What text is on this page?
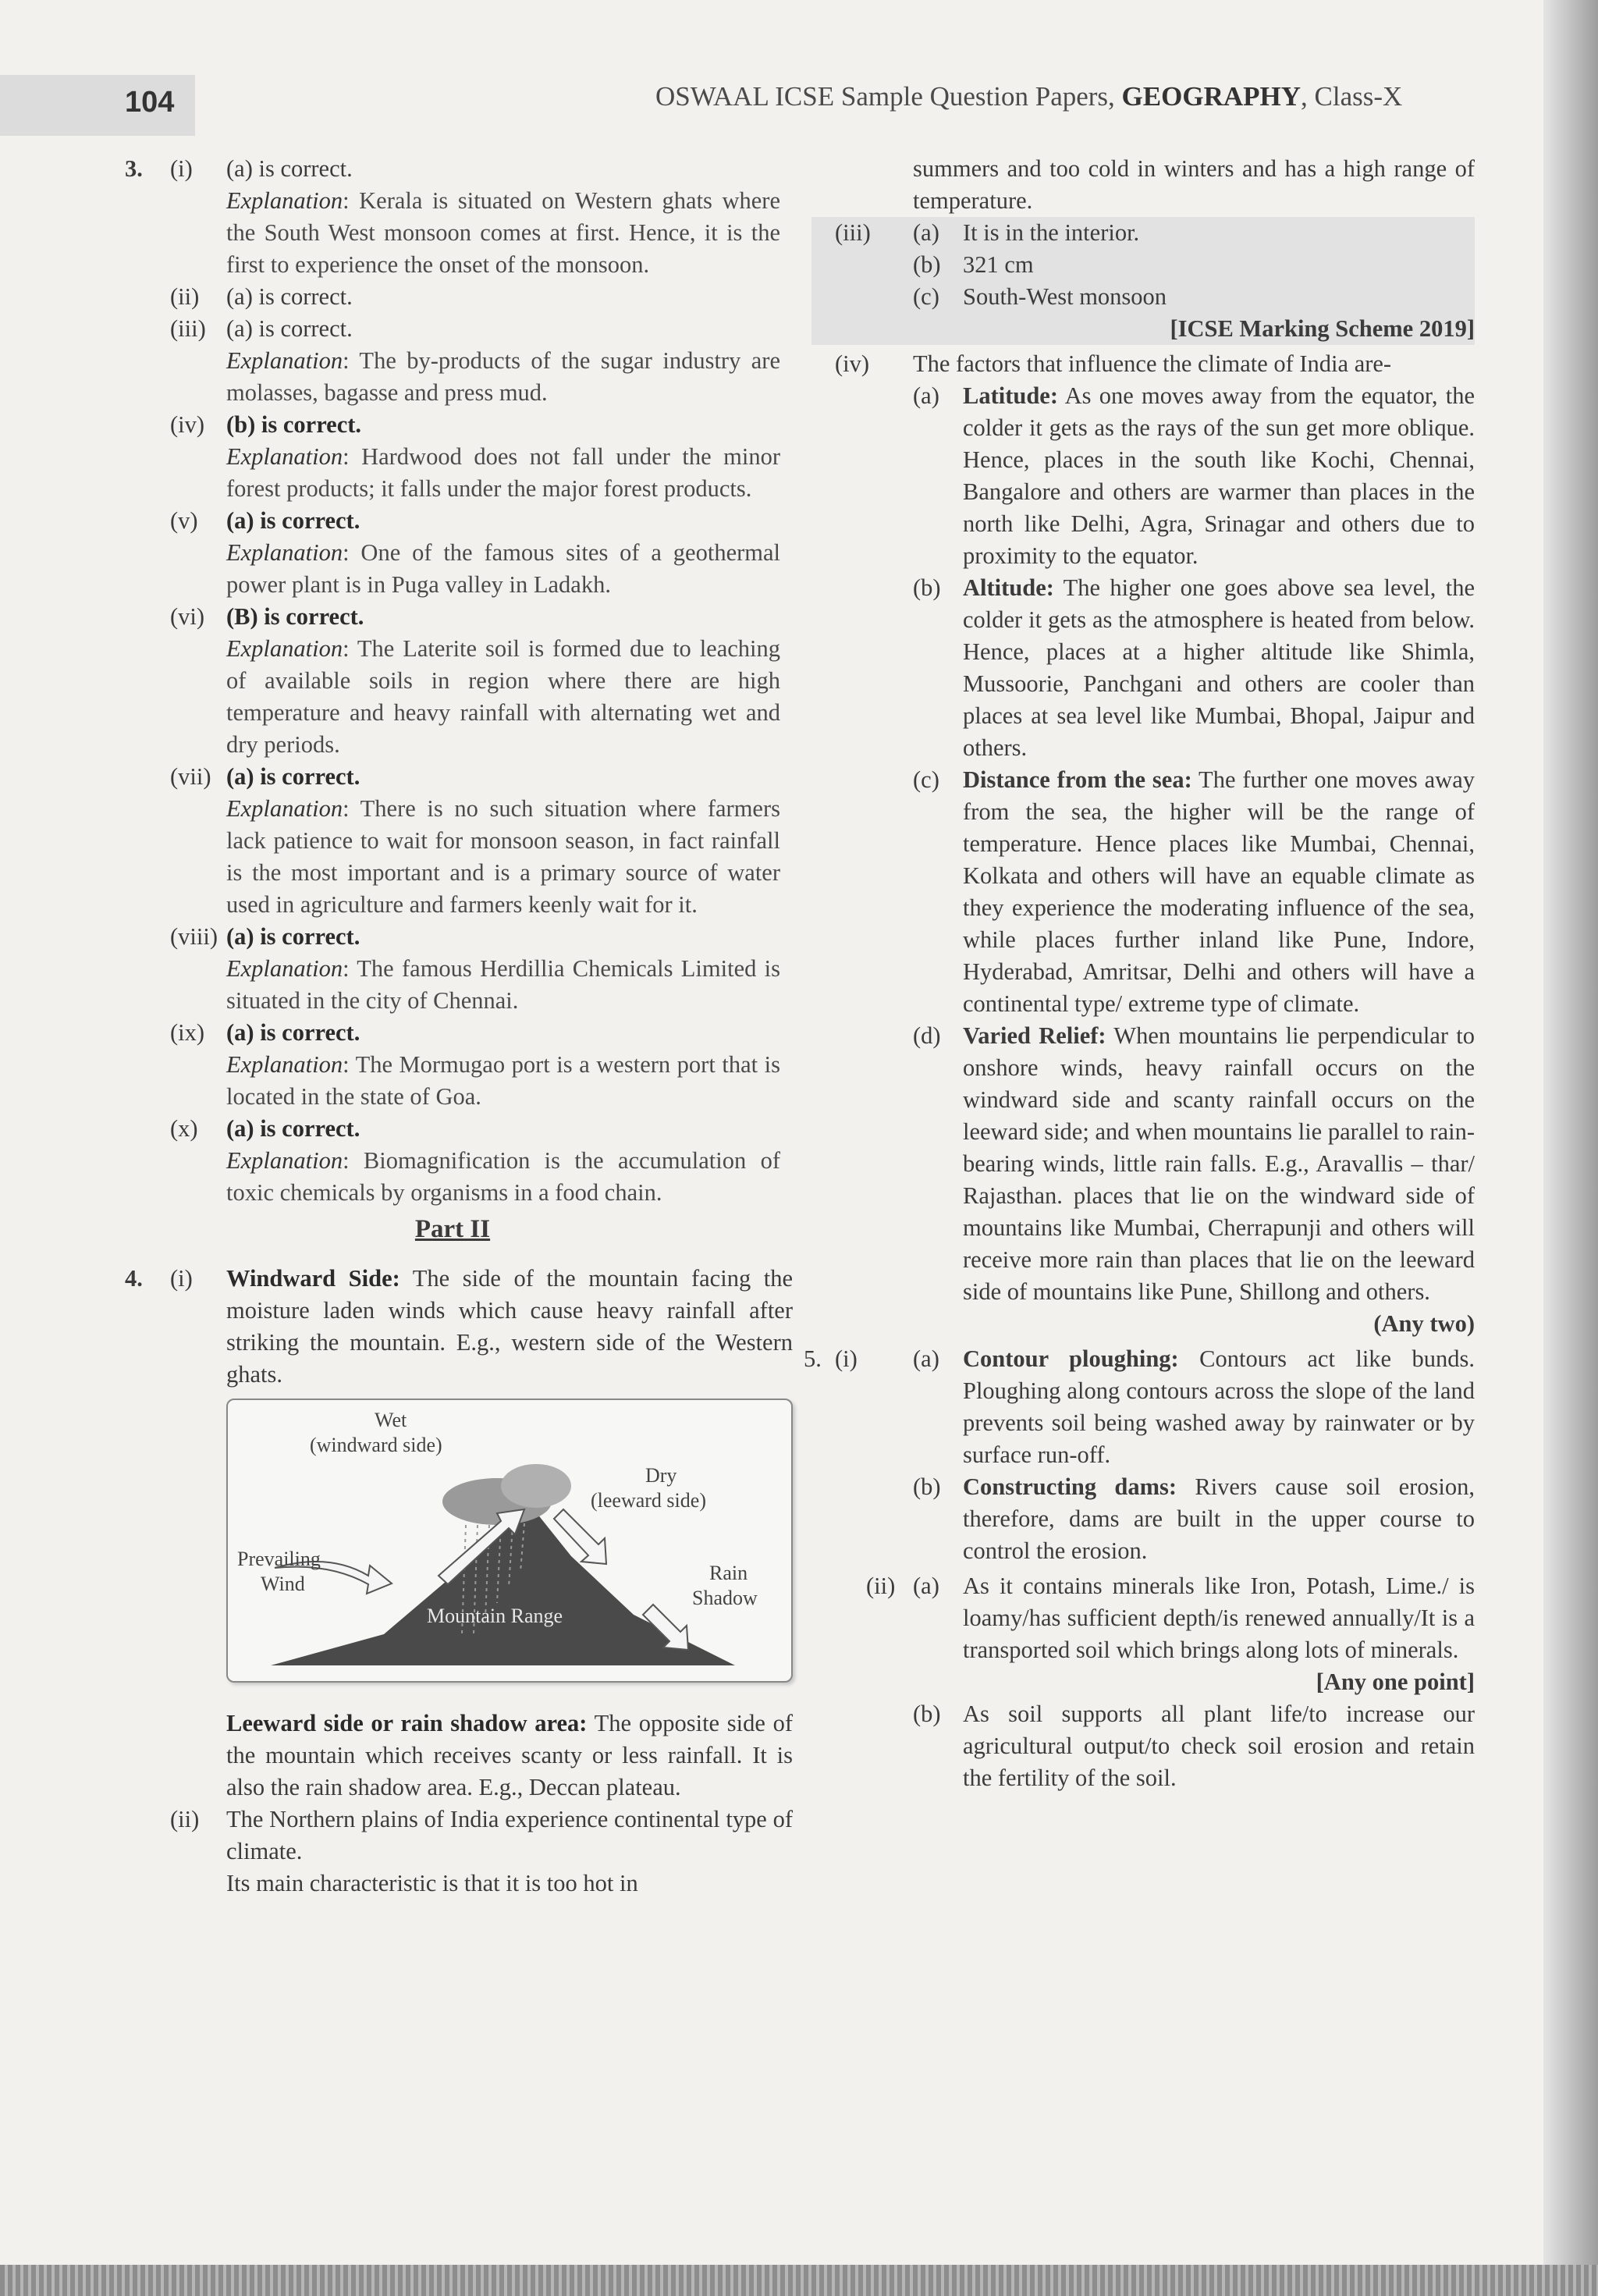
104	OSWAAL ICSE Sample Question Papers, GEOGRAPHY, Class-X
3.	(i)	(a) is correct.
Explanation: Kerala is situated on Western ghats where the South West monsoon comes at first. Hence, it is the first to experience the onset of the monsoon.
(ii)	(a) is correct.
(iii) (a) is correct.
Explanation: The by-products of the sugar industry are molasses, bagasse and press mud.
(iv) (b) is correct.
Explanation: Hardwood does not fall under the minor forest products; it falls under the major forest products.
(v)	(a) is correct.
Explanation: One of the famous sites of a geothermal power plant is in Puga valley in Ladakh.
(vi) (B) is correct.
Explanation: The Laterite soil is formed due to leaching of available soils in region where there are high temperature and heavy rainfall with alternating wet and dry periods.
(vii) (a) is correct.
Explanation: There is no such situation where farmers lack patience to wait for monsoon season, in fact rainfall is the most important and is a primary source of water used in agriculture and farmers keenly wait for it.
(viii) (a) is correct.
Explanation: The famous Herdillia Chemicals Limited is situated in the city of Chennai.
(ix) (a) is correct.
Explanation: The Mormugao port is a western port that is located in the state of Goa.
(x)	(a) is correct.
Explanation: Biomagnification is the accumulation of toxic chemicals by organisms in a food chain.
Part II
4.	(i)	Windward Side: The side of the mountain facing the moisture laden winds which cause heavy rainfall after striking the mountain. E.g., western side of the Western ghats.
Wet
(windward side)
Dry
(leeward side)
Prevailing
Wind	Rain
Shadow
Mountain Range
Leeward side or rain shadow area: The opposite side of the mountain which receives scanty or less rainfall. It is also the rain shadow area. E.g., Deccan plateau.
(ii)	The Northern plains of India experience continental type of climate.
Its main characteristic is that it is too hot in
summers and too cold in winters and has a high range of temperature.
(iii)	(a) It is in the interior.
(b) 321 cm
(c) South-West monsoon
[ICSE Marking Scheme 2019]
(iv)	The factors that influence the climate of India are-
(a) Latitude: As one moves away from the equator, the colder it gets as the rays of the sun get more oblique. Hence, places in the south like Kochi, Chennai, Bangalore and others are warmer than places in the north like Delhi, Agra, Srinagar and others due to proximity to the equator.
(b) Altitude: The higher one goes above sea level, the colder it gets as the atmosphere is heated from below. Hence, places at a higher altitude like Shimla, Mussoorie, Panchgani and others are cooler than places at sea level like Mumbai, Bhopal, Jaipur and others.
(c) Distance from the sea: The further one moves away from the sea, the higher will be the range of temperature. Hence places like Mumbai, Chennai, Kolkata and others will have an equable climate as they experience the moderating influence of the sea, while places further inland like Pune, Indore, Hyderabad, Amritsar, Delhi and others will have a continental type/ extreme type of climate.
(d) Varied Relief: When mountains lie perpendicular to onshore winds, heavy rainfall occurs on the windward side and scanty rainfall occurs on the leeward side; and when mountains lie parallel to rain-bearing winds, little rain falls. E.g., Aravallis – thar/ Rajasthan. places that lie on the windward side of mountains like Mumbai, Cherrapunji and others will receive more rain than places that lie on the leeward side of mountains like Pune, Shillong and others.
(Any two)
5. (i)	(a) Contour ploughing: Contours act like bunds. Ploughing along contours across the slope of the land prevents soil being washed away by rainwater or by surface run-off.
(b) Constructing dams: Rivers cause soil erosion, therefore, dams are built in the upper course to control the erosion.
(ii) (a) As it contains minerals like Iron, Potash, Lime./ is loamy/has sufficient depth/is renewed annually/It is a transported soil which brings along lots of minerals.
[Any one point]
(b) As soil supports all plant life/to increase our agricultural output/to check soil erosion and retain the fertility of the soil.
